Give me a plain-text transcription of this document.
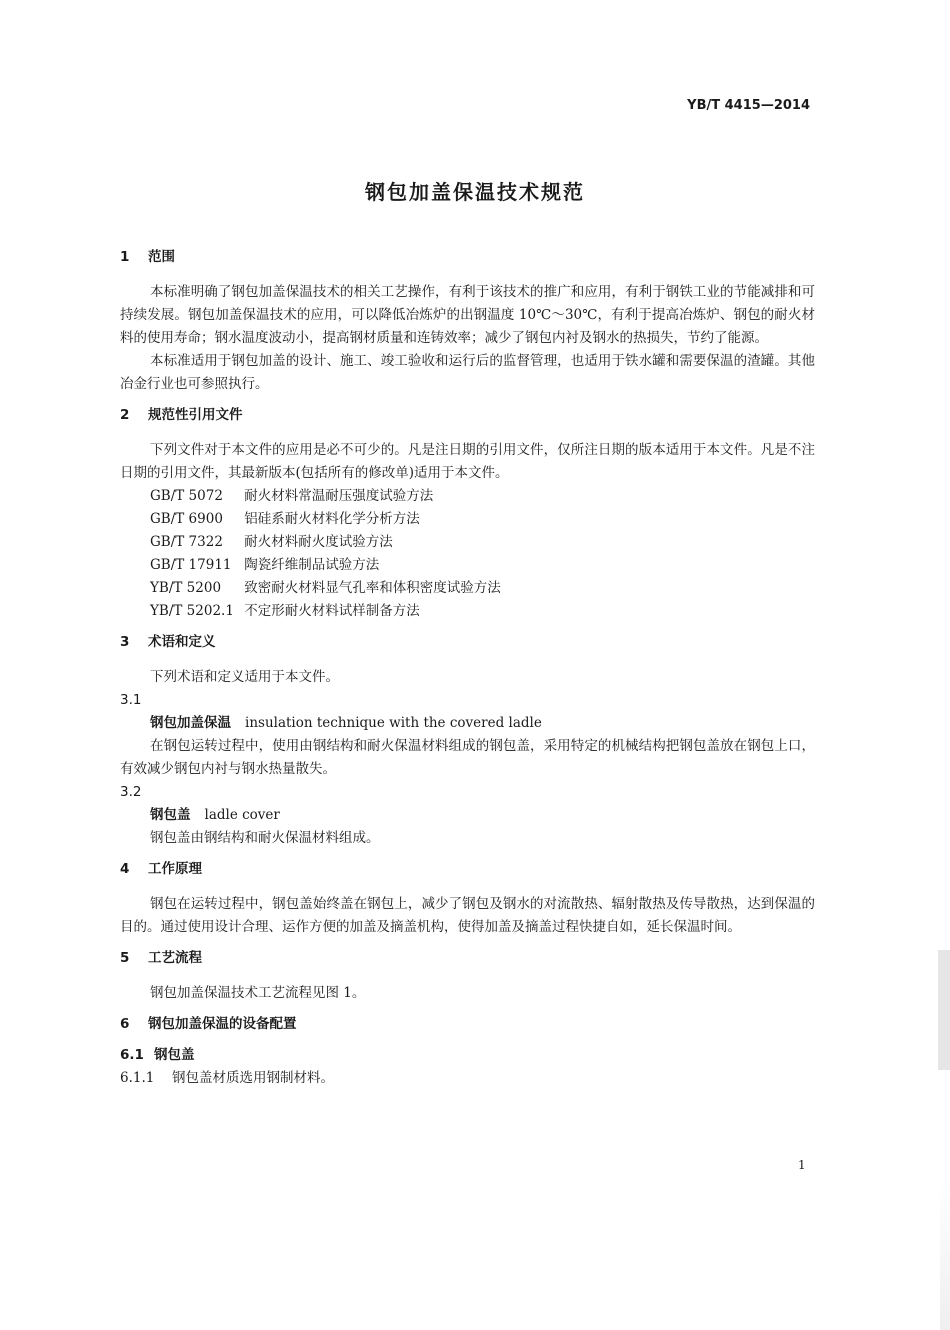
YB/T 4415—2014
钢包加盖保温技术规范

1 范围

本标准明确了钢包加盖保温技术的相关工艺操作，有利于该技术的推广和应用，有利于钢铁工业的节能减排和可持续发展。钢包加盖保温技术的应用，可以降低冶炼炉的出钢温度 10℃～30℃，有利于提高冶炼炉、钢包的耐火材料的使用寿命；钢水温度波动小，提高钢材质量和连铸效率；减少了钢包内衬及钢水的热损失，节约了能源。

本标准适用于钢包加盖的设计、施工、竣工验收和运行后的监督管理，也适用于铁水罐和需要保温的渣罐。其他冶金行业也可参照执行。

2 规范性引用文件

下列文件对于本文件的应用是必不可少的。凡是注日期的引用文件，仅所注日期的版本适用于本文件。凡是不注日期的引用文件，其最新版本(包括所有的修改单)适用于本文件。

GB/T 5072 耐火材料常温耐压强度试验方法

GB/T 6900 铝硅系耐火材料化学分析方法

GB/T 7322 耐火材料耐火度试验方法

GB/T 17911 陶瓷纤维制品试验方法

YB/T 5200 致密耐火材料显气孔率和体积密度试验方法

YB/T 5202.1 不定形耐火材料试样制备方法

3 术语和定义

下列术语和定义适用于本文件。

3.1

钢包加盖保温 insulation technique with the covered ladle

在钢包运转过程中，使用由钢结构和耐火保温材料组成的钢包盖，采用特定的机械结构把钢包盖放在钢包上口，有效减少钢包内衬与钢水热量散失。

3.2

钢包盖 ladle cover

钢包盖由钢结构和耐火保温材料组成。

4 工作原理

钢包在运转过程中，钢包盖始终盖在钢包上，减少了钢包及钢水的对流散热、辐射散热及传导散热，达到保温的目的。通过使用设计合理、运作方便的加盖及摘盖机构，使得加盖及摘盖过程快捷自如，延长保温时间。

5 工艺流程

钢包加盖保温技术工艺流程见图 1。

6 钢包加盖保温的设备配置

6.1 钢包盖

6.1.1 钢包盖材质选用钢制材料。

1
